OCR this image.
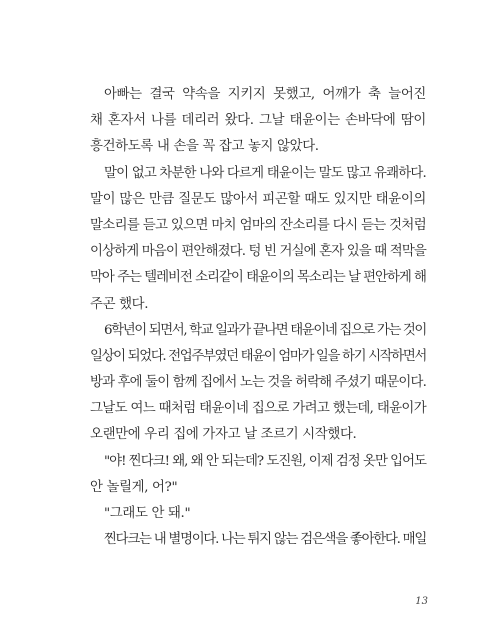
아빠는 결국 약속을 지키지 못했고, 어깨가 축 늘어진
채 혼자서 나를 데리러 왔다. 그날 태윤이는 손바닥에 땀이
흥건하도록 내 손을 꼭 잡고 놓지 않았다.
말이 없고 차분한 나와 다르게 태윤이는 말도 많고 유쾌하다.
말이 많은 만큼 질문도 많아서 피곤할 때도 있지만 태윤이의
말소리를 듣고 있으면 마치 엄마의 잔소리를 다시 듣는 것처럼
이상하게 마음이 편안해졌다. 텅 빈 거실에 혼자 있을 때 적막을
막아 주는 텔레비전 소리같이 태윤이의 목소리는 날 편안하게 해
주곤 했다.
6학년이 되면서, 학교 일과가 끝나면 태윤이네 집으로 가는 것이
일상이 되었다. 전업주부였던 태윤이 엄마가 일을 하기 시작하면서
방과 후에 둘이 함께 집에서 노는 것을 허락해 주셨기 때문이다.
그날도 여느 때처럼 태윤이네 집으로 가려고 했는데, 태윤이가
오랜만에 우리 집에 가자고 날 조르기 시작했다.
"야! 찐다크! 왜, 왜 안 되는데? 도진원, 이제 검정 옷만 입어도
안 놀릴게, 어?"
"그래도 안 돼."
찐다크는 내 별명이다. 나는 튀지 않는 검은색을 좋아한다. 매일
13
